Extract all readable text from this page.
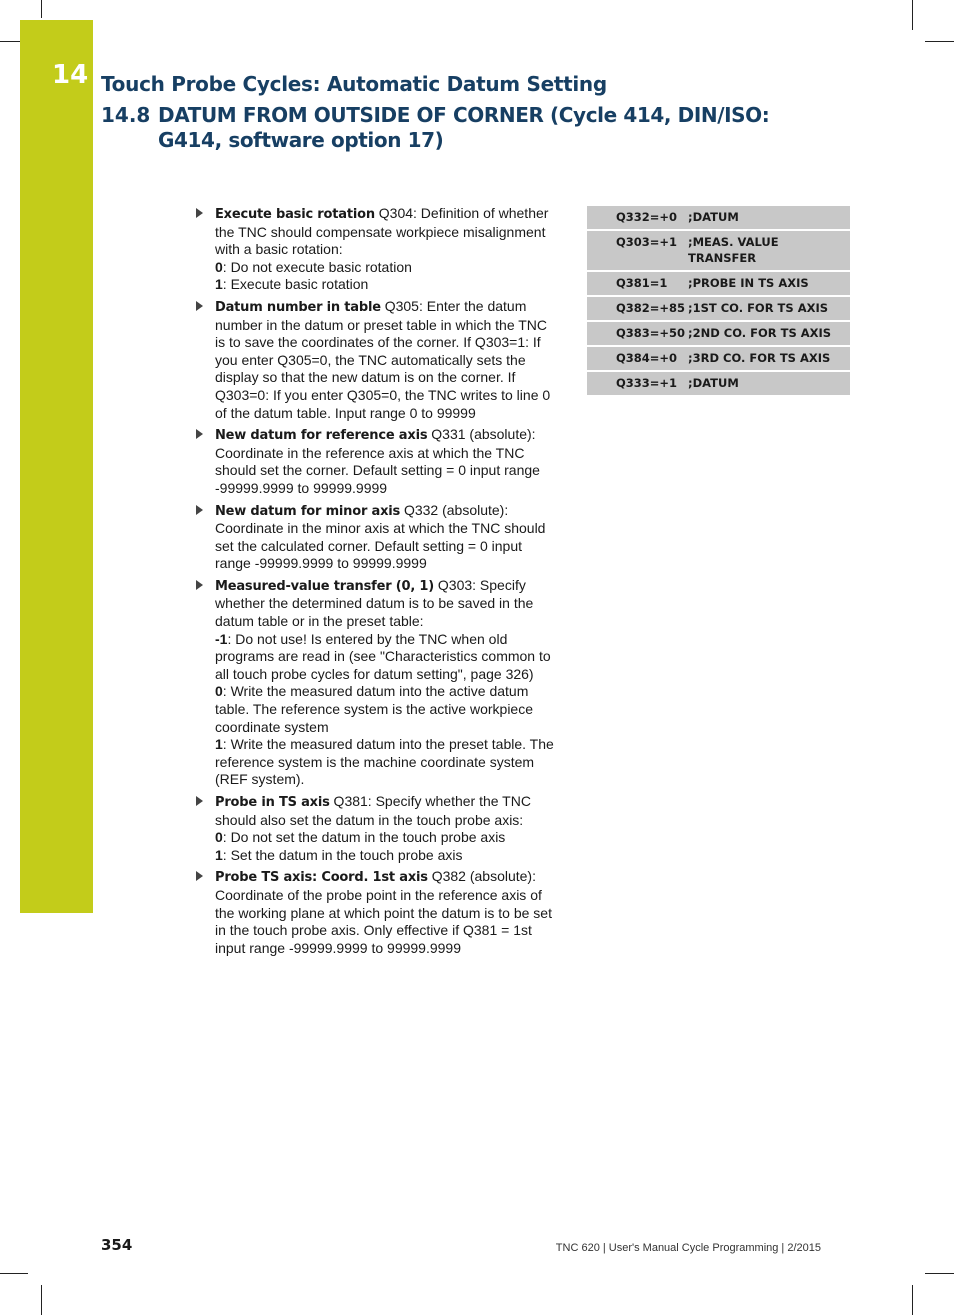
14 Touch Probe Cycles: Automatic Datum Setting
14.8 DATUM FROM OUTSIDE OF CORNER (Cycle 414, DIN/ISO: G414, software option 17)
Execute basic rotation Q304: Definition of whether the TNC should compensate workpiece misalignment with a basic rotation:
0: Do not execute basic rotation
1: Execute basic rotation
Datum number in table Q305: Enter the datum number in the datum or preset table in which the TNC is to save the coordinates of the corner. If Q303=1: If you enter Q305=0, the TNC automatically sets the display so that the new datum is on the corner. If Q303=0: If you enter Q305=0, the TNC writes to line 0 of the datum table. Input range 0 to 99999
New datum for reference axis Q331 (absolute): Coordinate in the reference axis at which the TNC should set the corner. Default setting = 0 input range -99999.9999 to 99999.9999
New datum for minor axis Q332 (absolute): Coordinate in the minor axis at which the TNC should set the calculated corner. Default setting = 0 input range -99999.9999 to 99999.9999
Measured-value transfer (0, 1) Q303: Specify whether the determined datum is to be saved in the datum table or in the preset table:
-1: Do not use! Is entered by the TNC when old programs are read in (see "Characteristics common to all touch probe cycles for datum setting", page 326)
0: Write the measured datum into the active datum table. The reference system is the active workpiece coordinate system
1: Write the measured datum into the preset table. The reference system is the machine coordinate system (REF system).
Probe in TS axis Q381: Specify whether the TNC should also set the datum in the touch probe axis:
0: Do not set the datum in the touch probe axis
1: Set the datum in the touch probe axis
Probe TS axis: Coord. 1st axis Q382 (absolute): Coordinate of the probe point in the reference axis of the working plane at which point the datum is to be set in the touch probe axis. Only effective if Q381 = 1st input range -99999.9999 to 99999.9999
Q332=+0	;DATUM
Q303=+1	;MEAS. VALUE TRANSFER
Q381=1	;PROBE IN TS AXIS
Q382=+85	;1ST CO. FOR TS AXIS
Q383=+50	;2ND CO. FOR TS AXIS
Q384=+0	;3RD CO. FOR TS AXIS
Q333=+1	;DATUM
354	TNC 620 | User's Manual Cycle Programming | 2/2015
